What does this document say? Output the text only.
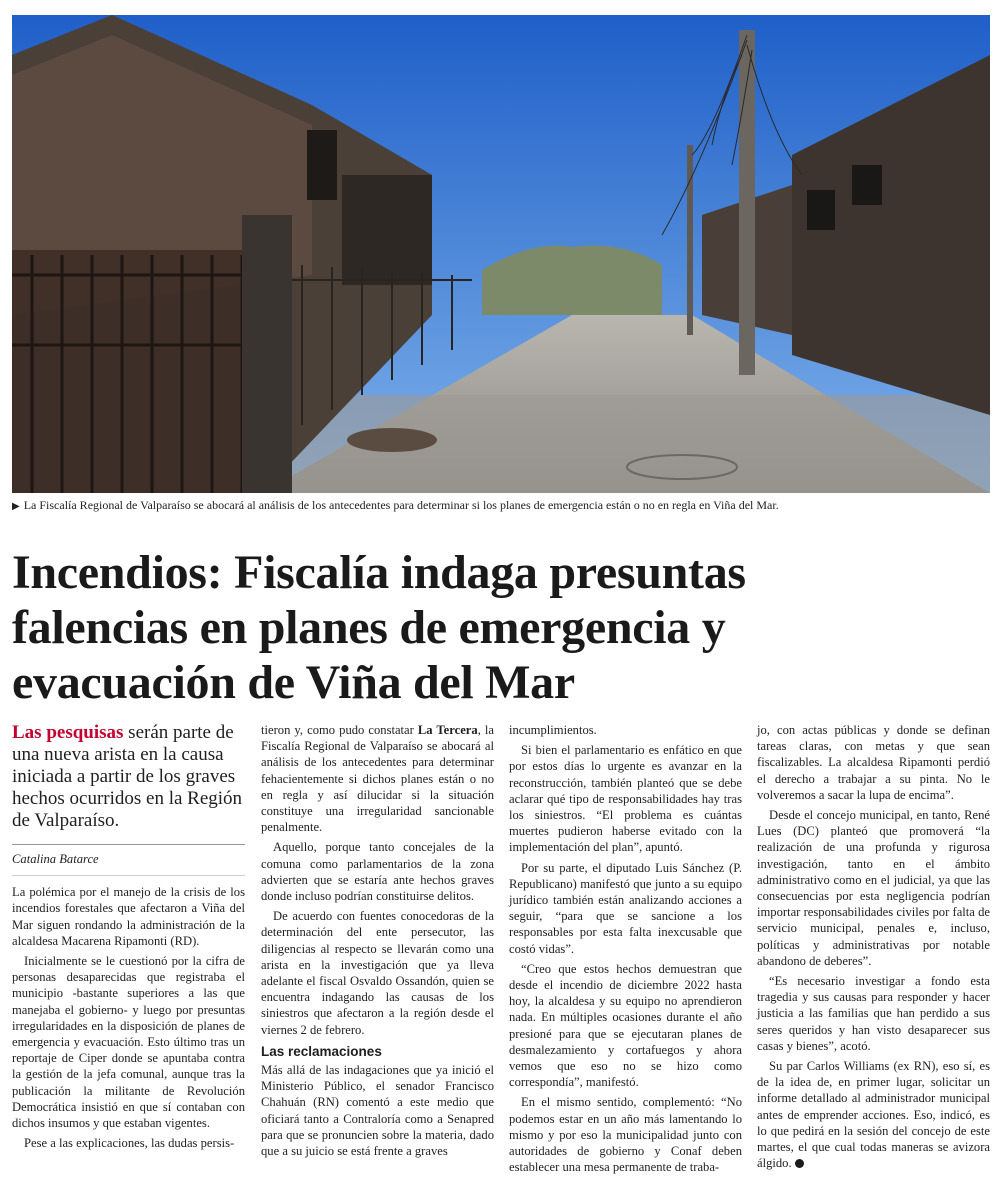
▶ La Fiscalía Regional de Valparaíso se abocará al análisis de los antecedentes para determinar si los planes de emergencia están o no en regla en Viña del Mar.
Incendios: Fiscalía indaga presuntas
falencias en planes de emergencia y
evacuación de Viña del Mar
Las pesquisas serán parte de una nueva arista en la causa iniciada a partir de los graves hechos ocurridos en la Región de Valparaíso.
Catalina Batarce

La polémica por el manejo de la crisis de los incendios forestales que afectaron a Viña del Mar siguen rondando la administración de la alcaldesa Macarena Ripamonti (RD).

Inicialmente se le cuestionó por la cifra de personas desaparecidas que registraba el municipio -bastante superiores a las que manejaba el gobierno- y luego por presuntas irregularidades en la disposición de planes de emergencia y evacuación. Esto último tras un reportaje de Ciper donde se apuntaba contra la gestión de la jefa comunal, aunque tras la publicación la militante de Revolución Democrática insistió en que sí contaban con dichos insumos y que estaban vigentes.

Pese a las explicaciones, las dudas persis-

tieron y, como pudo constatar La Tercera, la Fiscalía Regional de Valparaíso se abocará al análisis de los antecedentes para determinar fehacientemente si dichos planes están o no en regla y así dilucidar si la situación constituye una irregularidad sancionable penalmente.

Aquello, porque tanto concejales de la comuna como parlamentarios de la zona advierten que se estaría ante hechos graves donde incluso podrían constituirse delitos.

De acuerdo con fuentes conocedoras de la determinación del ente persecutor, las diligencias al respecto se llevarán como una arista en la investigación que ya lleva adelante el fiscal Osvaldo Ossandón, quien se encuentra indagando las causas de los siniestros que afectaron a la región desde el viernes 2 de febrero.

Las reclamaciones

Más allá de las indagaciones que ya inició el Ministerio Público, el senador Francisco Chahuán (RN) comentó a este medio que oficiará tanto a Contraloría como a Senapred para que se pronuncien sobre la materia, dado que a su juicio se está frente a graves

incumplimientos.

Si bien el parlamentario es enfático en que por estos días lo urgente es avanzar en la reconstrucción, también planteó que se debe aclarar qué tipo de responsabilidades hay tras los siniestros. “El problema es cuántas muertes pudieron haberse evitado con la implementación del plan”, apuntó.

Por su parte, el diputado Luis Sánchez (P. Republicano) manifestó que junto a su equipo jurídico también están analizando acciones a seguir, “para que se sancione a los responsables por esta falta inexcusable que costó vidas”.

“Creo que estos hechos demuestran que desde el incendio de diciembre 2022 hasta hoy, la alcaldesa y su equipo no aprendieron nada. En múltiples ocasiones durante el año presioné para que se ejecutaran planes de desmalezamiento y cortafuegos y ahora vemos que eso no se hizo como correspondía”, manifestó.

En el mismo sentido, complementó: “No podemos estar en un año más lamentando lo mismo y por eso la municipalidad junto con autoridades de gobierno y Conaf deben establecer una mesa permanente de traba-

jo, con actas públicas y donde se definan tareas claras, con metas y que sean fiscalizables. La alcaldesa Ripamonti perdió el derecho a trabajar a su pinta. No le volveremos a sacar la lupa de encima”.

Desde el concejo municipal, en tanto, René Lues (DC) planteó que promoverá “la realización de una profunda y rigurosa investigación, tanto en el ámbito administrativo como en el judicial, ya que las consecuencias por esta negligencia podrían importar responsabilidades civiles por falta de servicio municipal, penales e, incluso, políticas y administrativas por notable abandono de deberes”.

“Es necesario investigar a fondo esta tragedia y sus causas para responder y hacer justicia a las familias que han perdido a sus seres queridos y han visto desaparecer sus casas y bienes”, acotó.

Su par Carlos Williams (ex RN), eso sí, es de la idea de, en primer lugar, solicitar un informe detallado al administrador municipal antes de emprender acciones. Eso, indicó, es lo que pedirá en la sesión del concejo de este martes, el que cual todas maneras se avizora álgido.
